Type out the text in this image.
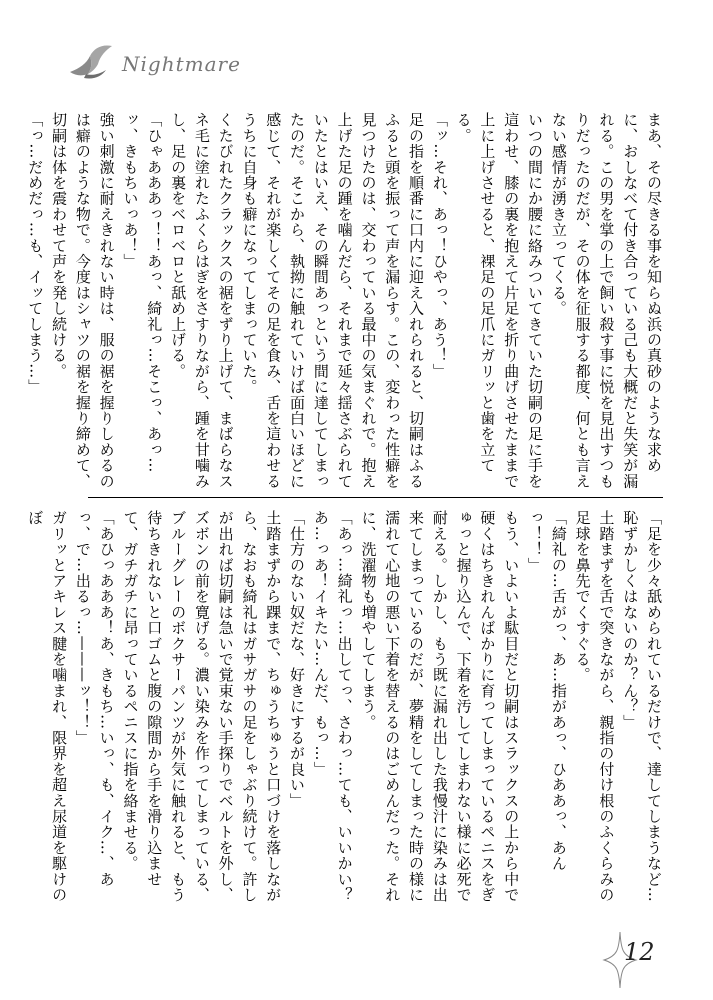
Nightmare

まあ、その尽きる事を知らぬ浜の真砂のような求めに、おしなべて付き合っている己も大概だと失笑が漏れる。この男を掌の上で飼い殺す事に悦を見出すつもりだったのだが、その体を征服する都度、何とも言えない感情が湧き立ってくる。

いつの間にか腰に絡みついてきていた切嗣の足に手を這わせ、膝の裏を抱えて片足を折り曲げさせたままで上に上げさせると、裸足の足爪にガリッと歯を立てる。

「ッ…それ、あっ！ひやっ、あう！」

足の指を順番に口内に迎え入れられると、切嗣はふるふると頭を振って声を漏らす。この、変わった性癖を見つけたのは、交わっている最中の気まぐれで。抱え上げた足の踵を噛んだら、それまで延々揺さぶられていたとはいえ、その瞬間あっという間に達してしまったのだ。そこから、執拗に触れていけば面白いほどに感じて、それが楽しくてその足を食み、舌を這わせるうちに自身も癖になってしまっていた。

くたびれたクラックスの裾をずり上げて、まばらなスネ毛に塗れたふくらはぎをさすりながら、踵を甘噛みし、足の裏をベロベロと舐め上げる。

「ひゃあああっ！！あっ、綺礼っ…そこっ、あっ…ッ、きもちいっあ！」

強い刺激に耐えきれない時は、服の裾を握りしめるのは癖のような物で。今度はシャツの裾を握り締めて、切嗣は体を震わせて声を発し続ける。

「っ…だめだっ…も、イッてしまう…」

「足を少々舐められているだけで、達してしまうなど…恥ずかしくはないのか？ん？」

土踏まずを舌で突きながら、親指の付け根のふくらみの足球を鼻先でくすぐる。

「綺礼の…舌がっ、あ…指があっ、ひああっ、あんっ！！」

もう、いよいよ駄目だと切嗣はスラックスの上から中で硬くはちきれんばかりに育ってしまっているペニスをぎゅっと握り込んで、下着を汚してしまわない様に必死で耐える。しかし、もう既に漏れ出した我慢汁に染みは出来てしまっているのだが、夢精をしてしまった時の様に濡れて心地の悪い下着を替えるのはごめんだった。それに、洗濯物も増やしてしまう。

「あっ…綺礼っ…出してっ、さわっ…ても、いいかい？あ…っあ！イキたい…んだ、もっ…」

「仕方のない奴だな、好きにするが良い」

土踏まずから踝まで、ちゅうちゅうと口づけを落しながら、なおも綺礼はガサガサの足をしゃぶり続けて。許しが出れば切嗣は急いで覚束ない手探りでベルトを外し、ズボンの前を寛げる。濃い染みを作ってしまっている、ブルーグレーのボクサーパンツが外気に触れると、もう待ちきれないと口ゴムと腹の隙間から手を滑り込ませて、ガチガチに昂っているペニスに指を絡ませる。

「あひっあああ！あ、きもち…いっ、も、イク…、あっ、で…出るっ…———ッ！！」

ガリッとアキレス腱を噛まれ、限界を超え尿道を駆けのぼ

12
